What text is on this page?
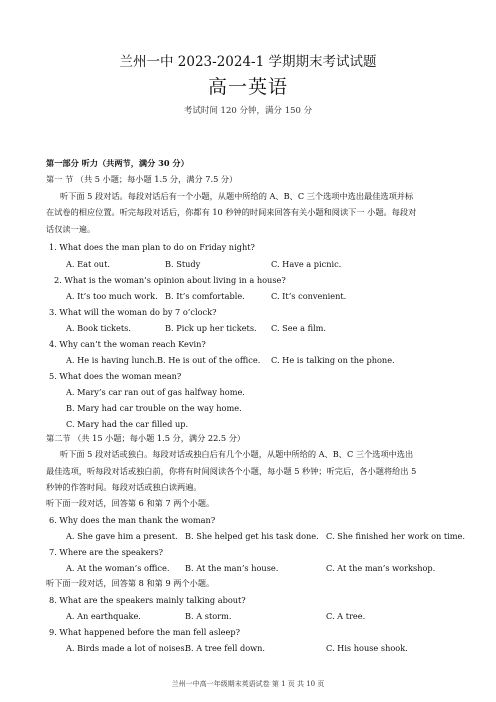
兰州一中 2023-2024-1 学期期末考试试题
高一英语
考试时间 120 分钟，满分 150 分
第一部分 听力（共两节，满分 30 分）
第一 节 （共 5 小题；每小题 1.5 分，满分 7.5 分）
听下面 5 段对话。每段对话后有一个小题，从题中所给的 A、B、C 三个选项中选出最佳选项并标
在试卷的相应位置。听完每段对话后，你都有 10 秒钟的时间来回答有关小题和阅读下一 小题。每段对
话仅读一遍。
1. What does the man plan to do on Friday night?
A. Eat out.	B. Study	C. Have a picnic.
2. What is the woman’s opinion about living in a house?
A. It’s too much work. B. It’s comfortable.	C. It’s convenient.
3. What will the woman do by 7 o’clock?
A. Book tickets.	B. Pick up her tickets. C. See a film.
4. Why can’t the woman reach Kevin?
A. He is having lunch. B. He is out of the office. C. He is talking on the phone.
5. What does the woman mean?
A. Mary’s car ran out of gas halfway home.
B. Mary had car trouble on the way home.
C. Mary had the car filled up.
第二节 （共 15 小题；每小题 1.5 分，满分 22.5 分）
听下面 5 段对话或独白。每段对话或独白后有几个小题，从题中所给的 A、B、C 三个选项中选出
最佳选项，听每段对话或独白前，你将有时间阅读各个小题，每小题 5 秒钟；听完后，各小题将给出 5
秒钟的作答时间。每段对话或独白读两遍。
听下面一段对话，回答第 6 和第 7 两个小题。
6. Why does the man thank the woman?
A. She gave him a present. B. She helped get his task done. C. She finished her work on time.
7. Where are the speakers?
A. At the woman’s office. B. At the man’s house.	C. At the man’s workshop.
听下面一段对话，回答第 8 和第 9 两个小题。
8. What are the speakers mainly talking about?
A. An earthquake.	B. A storm.	C. A tree.
9. What happened before the man fell asleep?
A. Birds made a lot of noises.
B. A tree fell down.	C. His house shook.
兰州一中高一年级期末英语试卷 第 1 页 共 10 页
